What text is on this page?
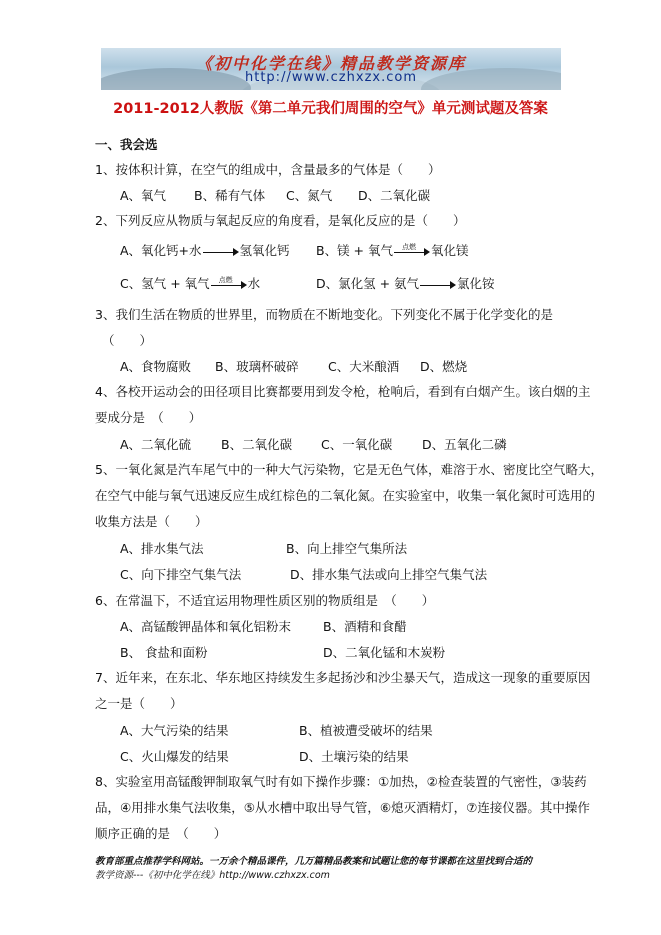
《初中化学在线》精品教学资源库
http://www.czhxzx.com
2011-2012人教版《第二单元我们周围的空气》单元测试题及答案
一、我会选
1、按体积计算，在空气的组成中，含量最多的气体是（　　）
A、氧气 B、稀有气体 C、氮气 D、二氧化碳
2、下列反应从物质与氧起反应的角度看，是氧化反应的是（　　）
A、氧化钙+水	氢氧化钙 B、镁 + 氧气 点燃 氧化镁
C、氢气 + 氧气 点燃 水	D、氯化氢 + 氨气	氯化铵
3、我们生活在物质的世界里，而物质在不断地变化。下列变化不属于化学变化的是
（　　）
A、食物腐败 B、玻璃杯破碎 C、大米酿酒 D、燃烧
4、各校开运动会的田径项目比赛都要用到发令枪，枪响后，看到有白烟产生。该白烟的主
要成分是　（　　）
A、二氧化硫 B、二氧化碳 C、一氧化碳 D、五氧化二磷
5、一氧化氮是汽车尾气中的一种大气污染物，它是无色气体，难溶于水、密度比空气略大，
在空气中能与氧气迅速反应生成红棕色的二氧化氮。在实验室中，收集一氧化氮时可选用的
收集方法是（　　）
A、排水集气法	B、向上排空气集所法
C、向下排空气集气法	D、排水集气法或向上排空气集气法
6、在常温下，不适宜运用物理性质区别的物质组是　（　　）
A、高锰酸钾晶体和氧化铝粉末	B、酒精和食醋
B、 食盐和面粉	D、二氧化锰和木炭粉
7、近年来，在东北、华东地区持续发生多起扬沙和沙尘暴天气，造成这一现象的重要原因
之一是（　　）
A、大气污染的结果	B、植被遭受破坏的结果
C、火山爆发的结果	D、土壤污染的结果
8、实验室用高锰酸钾制取氧气时有如下操作步骤：①加热，②检查装置的气密性，③装药
品，④用排水集气法收集，⑤从水槽中取出导气管，⑥熄灭酒精灯，⑦连接仪器。其中操作
顺序正确的是　（　　）
教育部重点推荐学科网站。一万余个精品课件，几万篇精品教案和试题让您的每节课都在这里找到合适的
教学资源---《初中化学在线》http://www.czhxzx.com
